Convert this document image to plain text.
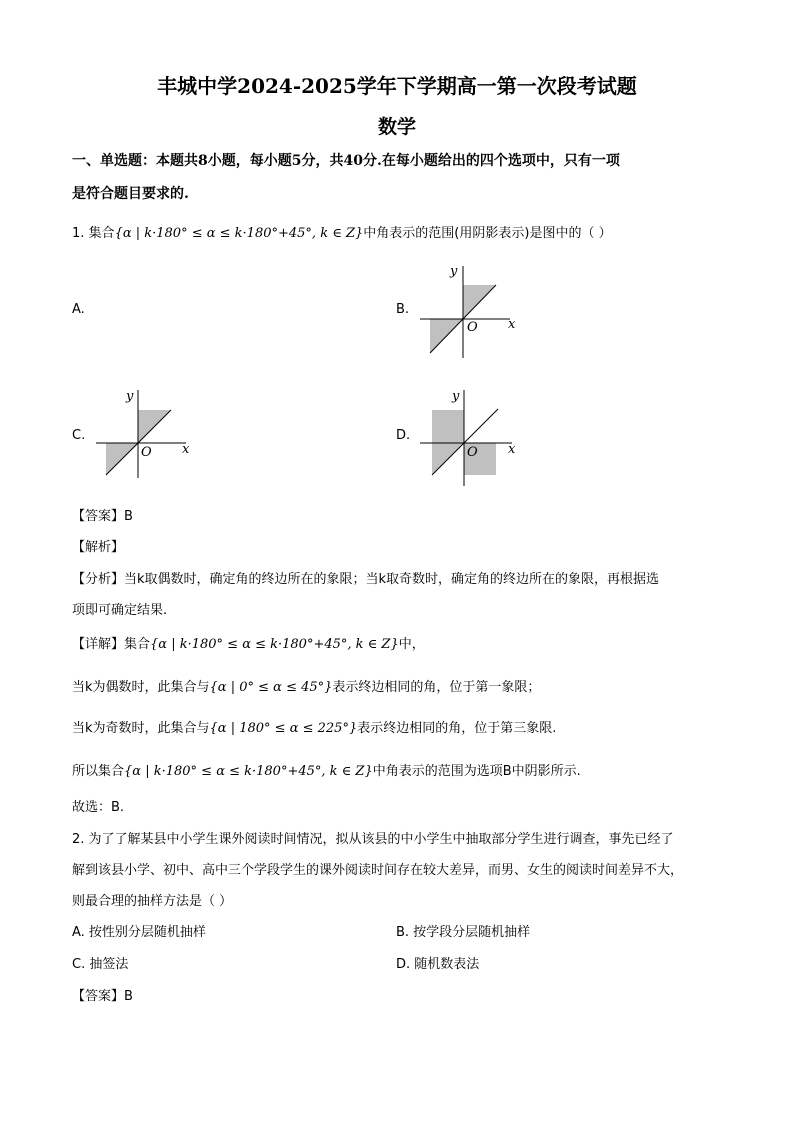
丰城中学2024-2025学年下学期高一第一次段考试题
数学
一、单选题：本题共8小题，每小题5分，共40分.在每小题给出的四个选项中，只有一项
是符合题目要求的.
1. 集合{α | k·180° ≤ α ≤ k·180°+45°, k ∈ Z}中角表示的范围(用阴影表示)是图中的（ ）
A.	B.
x
y
O
C.
x
y
O
D.
x
y
O
【答案】B
【解析】
【分析】当k取偶数时，确定角的终边所在的象限；当k取奇数时，确定角的终边所在的象限，再根据选
项即可确定结果.
【详解】集合{α | k·180° ≤ α ≤ k·180°+45°, k ∈ Z}中，
当k为偶数时，此集合与{α | 0° ≤ α ≤ 45°}表示终边相同的角，位于第一象限；
当k为奇数时，此集合与{α | 180° ≤ α ≤ 225°}表示终边相同的角，位于第三象限.
所以集合{α | k·180° ≤ α ≤ k·180°+45°, k ∈ Z}中角表示的范围为选项B中阴影所示.
故选：B.
2. 为了了解某县中小学生课外阅读时间情况，拟从该县的中小学生中抽取部分学生进行调查，事先已经了
解到该县小学、初中、高中三个学段学生的课外阅读时间存在较大差异，而男、女生的阅读时间差异不大，
则最合理的抽样方法是（ ）
A. 按性别分层随机抽样	B. 按学段分层随机抽样
C. 抽签法	D. 随机数表法
【答案】B
